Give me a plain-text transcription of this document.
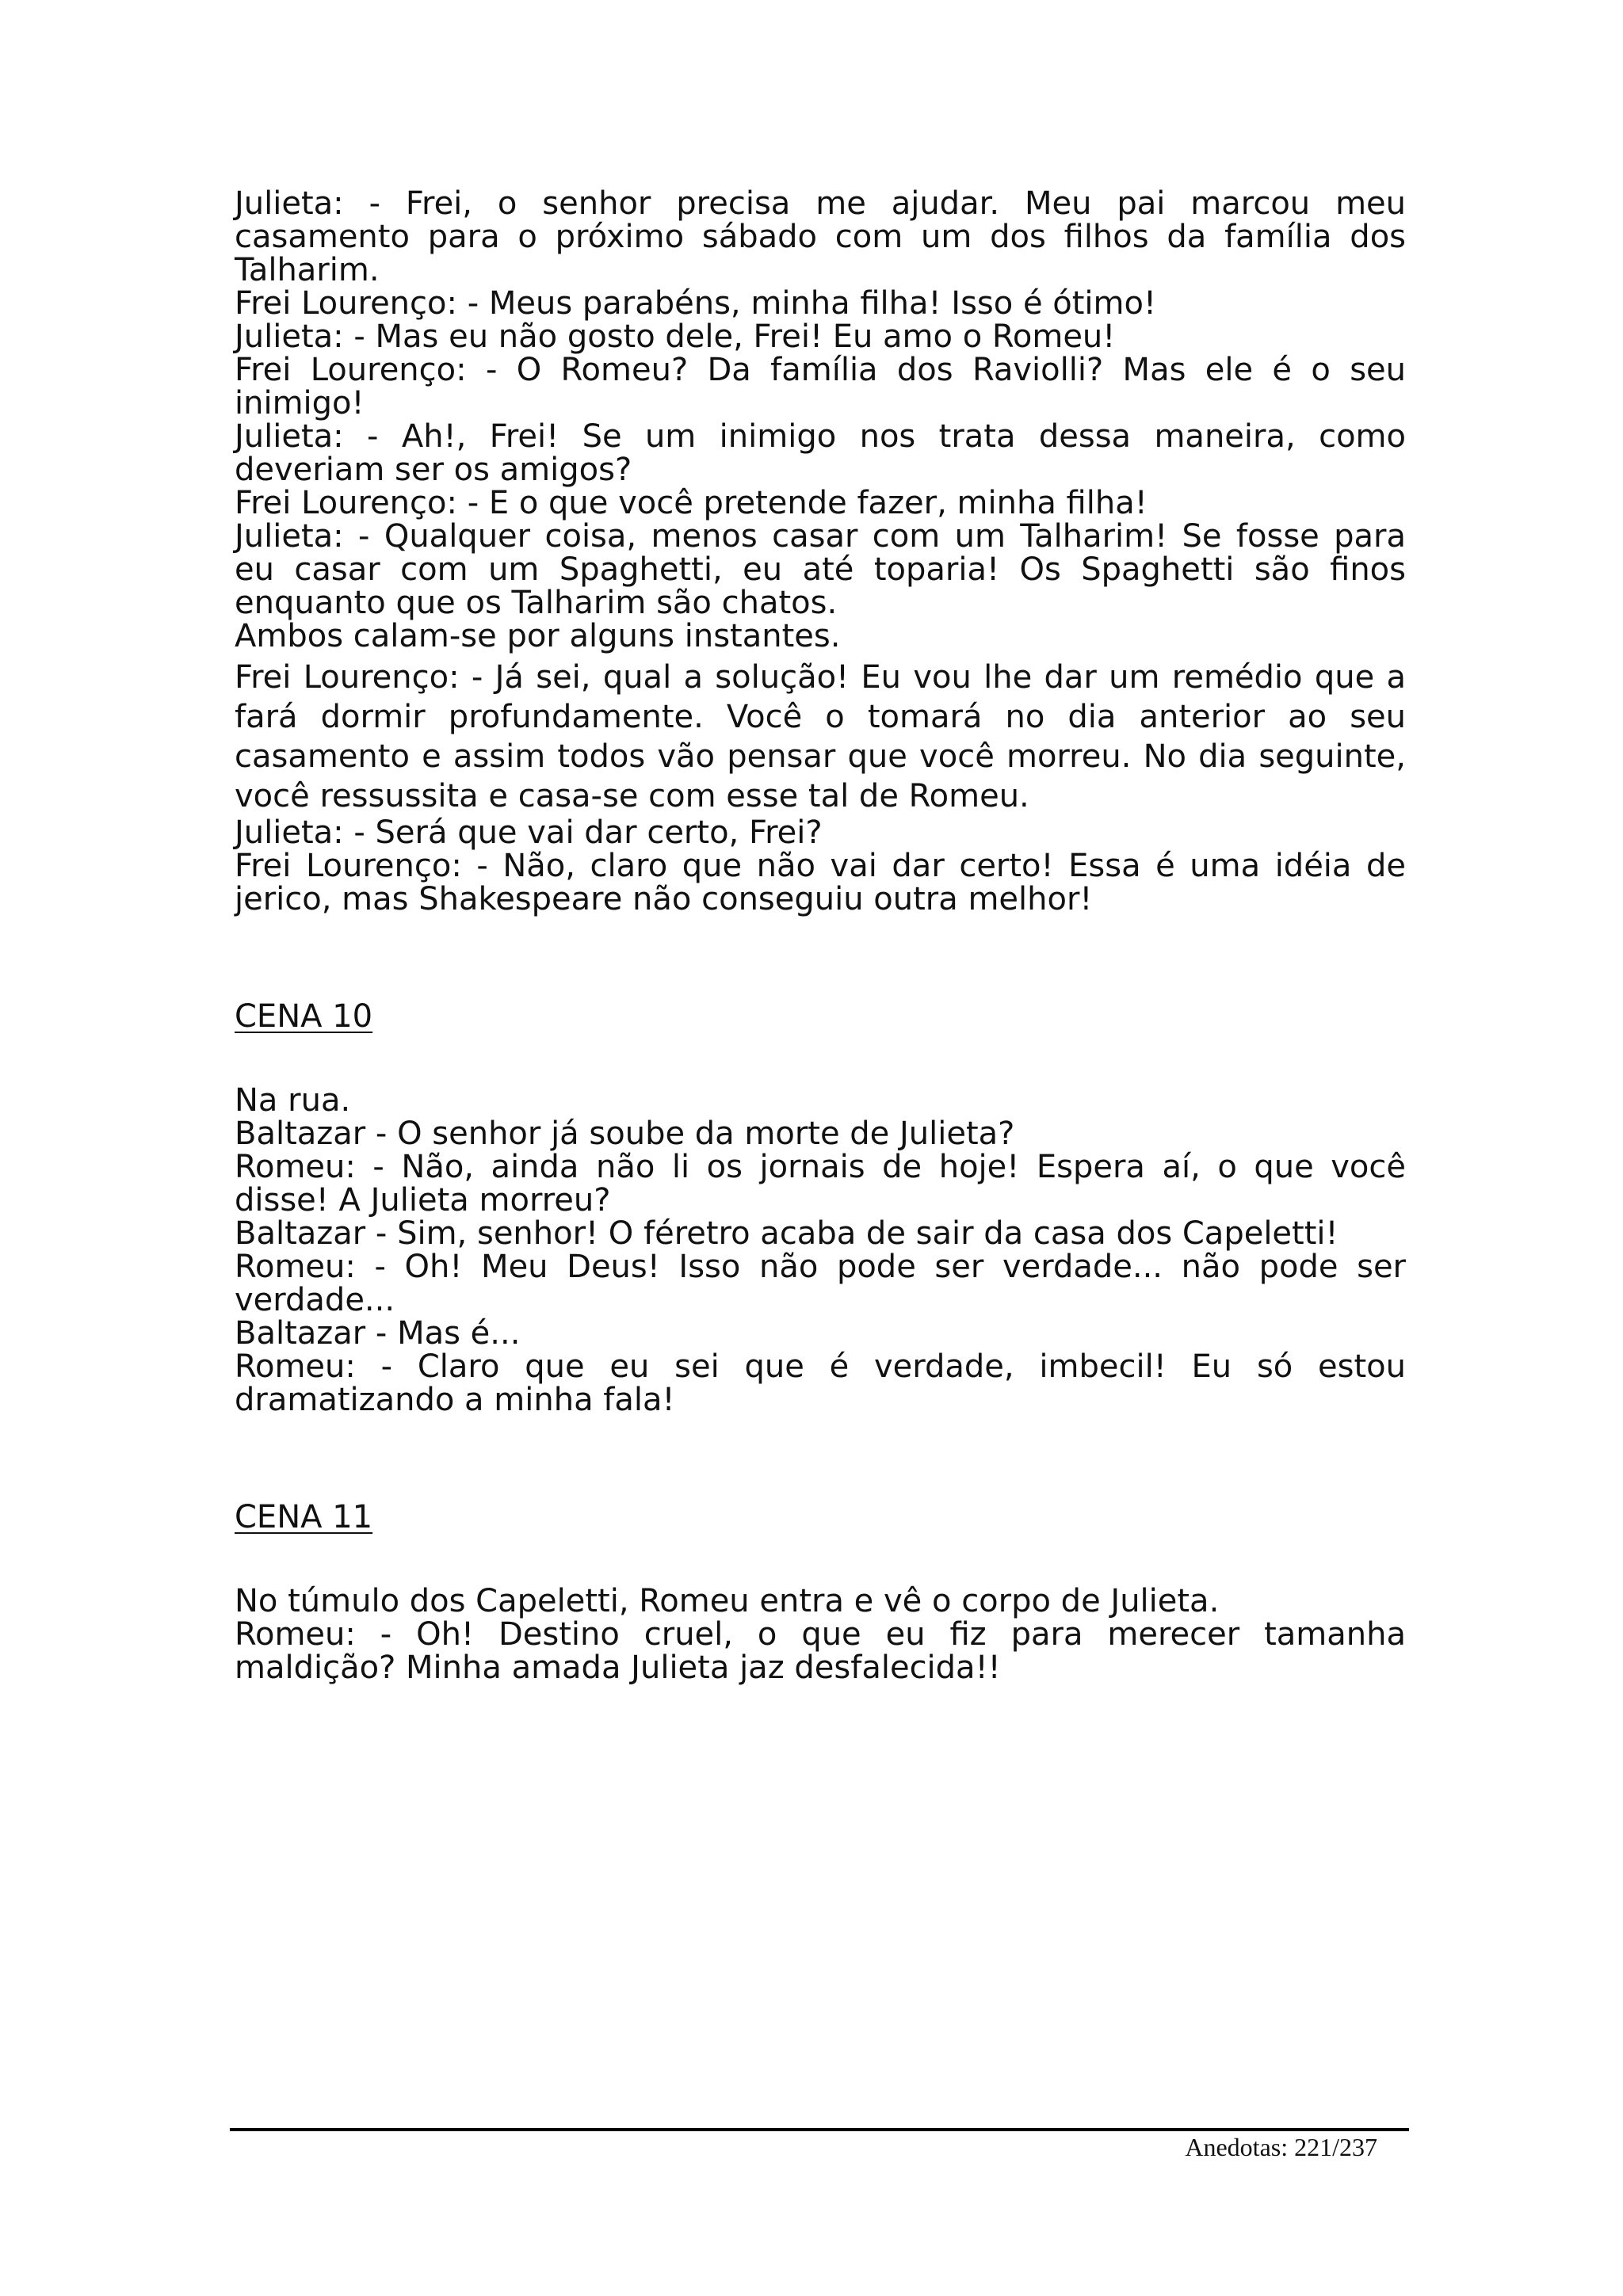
Julieta: - Frei, o senhor precisa me ajudar. Meu pai marcou meu casamento para o próximo sábado com um dos filhos da família dos Talharim.

Frei Lourenço: - Meus parabéns, minha filha! Isso é ótimo!

Julieta: - Mas eu não gosto dele, Frei! Eu amo o Romeu!

Frei Lourenço: - O Romeu? Da família dos Raviolli? Mas ele é o seu inimigo!

Julieta: - Ah!, Frei! Se um inimigo nos trata dessa maneira, como deveriam ser os amigos?

Frei Lourenço: - E o que você pretende fazer, minha filha!

Julieta: - Qualquer coisa, menos casar com um Talharim! Se fosse para eu casar com um Spaghetti, eu até toparia! Os Spaghetti são finos enquanto que os Talharim são chatos.

Ambos calam-se por alguns instantes.

Frei Lourenço: - Já sei, qual a solução! Eu vou lhe dar um remédio que a fará dormir profundamente. Você o tomará no dia anterior ao seu casamento e assim todos vão pensar que você morreu. No dia seguinte, você ressussita e casa-se com esse tal de Romeu.

Julieta: - Será que vai dar certo, Frei?

Frei Lourenço: - Não, claro que não vai dar certo! Essa é uma idéia de jerico, mas Shakespeare não conseguiu outra melhor!

CENA 10

Na rua.

Baltazar - O senhor já soube da morte de Julieta?

Romeu: - Não, ainda não li os jornais de hoje! Espera aí, o que você disse! A Julieta morreu?

Baltazar - Sim, senhor! O féretro acaba de sair da casa dos Capeletti!

Romeu: - Oh! Meu Deus! Isso não pode ser verdade... não pode ser verdade...

Baltazar - Mas é...

Romeu: - Claro que eu sei que é verdade, imbecil! Eu só estou dramatizando a minha fala!

CENA 11

No túmulo dos Capeletti, Romeu entra e vê o corpo de Julieta.

Romeu: - Oh! Destino cruel, o que eu fiz para merecer tamanha maldição? Minha amada Julieta jaz desfalecida!!

Anedotas: 221/237
